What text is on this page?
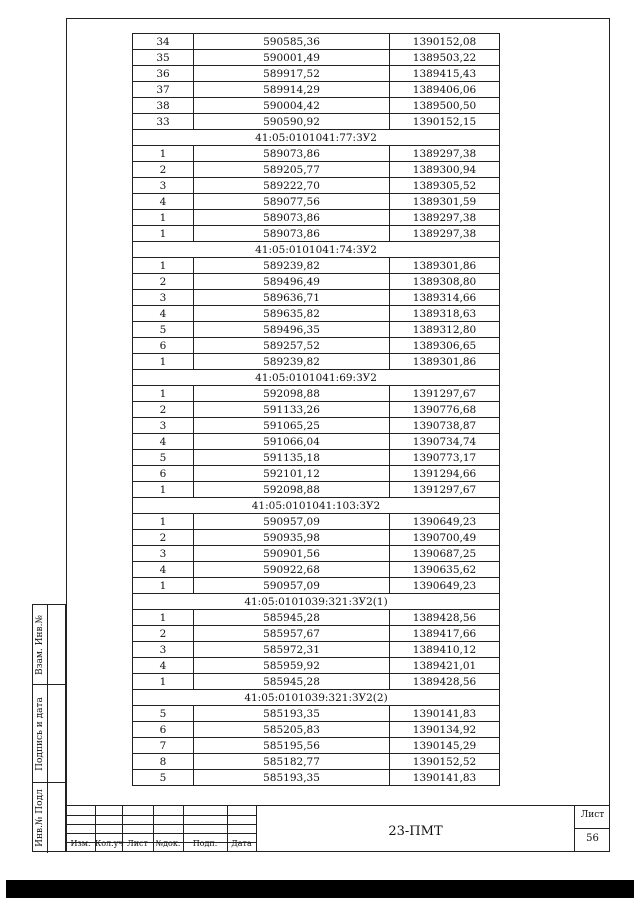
Взам. Инв.№
Подпись и дата
Инв.№ Подл
34	590585,36	1390152,08
35	590001,49	1389503,22
36	589917,52	1389415,43
37	589914,29	1389406,06
38	590004,42	1389500,50
33	590590,92	1390152,15
41:05:0101041:77:ЗУ2		
1	589073,86	1389297,38
2	589205,77	1389300,94
3	589222,70	1389305,52
4	589077,56	1389301,59
1	589073,86	1389297,38
1	589073,86	1389297,38
41:05:0101041:74:ЗУ2		
1	589239,82	1389301,86
2	589496,49	1389308,80
3	589636,71	1389314,66
4	589635,82	1389318,63
5	589496,35	1389312,80
6	589257,52	1389306,65
1	589239,82	1389301,86
41:05:0101041:69:ЗУ2		
1	592098,88	1391297,67
2	591133,26	1390776,68
3	591065,25	1390738,87
4	591066,04	1390734,74
5	591135,18	1390773,17
6	592101,12	1391294,66
1	592098,88	1391297,67
41:05:0101041:103:ЗУ2		
1	590957,09	1390649,23
2	590935,98	1390700,49
3	590901,56	1390687,25
4	590922,68	1390635,62
1	590957,09	1390649,23
41:05:0101039:321:ЗУ2(1)		
1	585945,28	1389428,56
2	585957,67	1389417,66
3	585972,31	1389410,12
4	585959,92	1389421,01
1	585945,28	1389428,56
41:05:0101039:321:ЗУ2(2)		
5	585193,35	1390141,83
6	585205,83	1390134,92
7	585195,56	1390145,29
8	585182,77	1390152,52
5	585193,35	1390141,83
Изм. Кол.уч Лист №док.	Подп.	Дата
23-ПМТ
Лист
56
